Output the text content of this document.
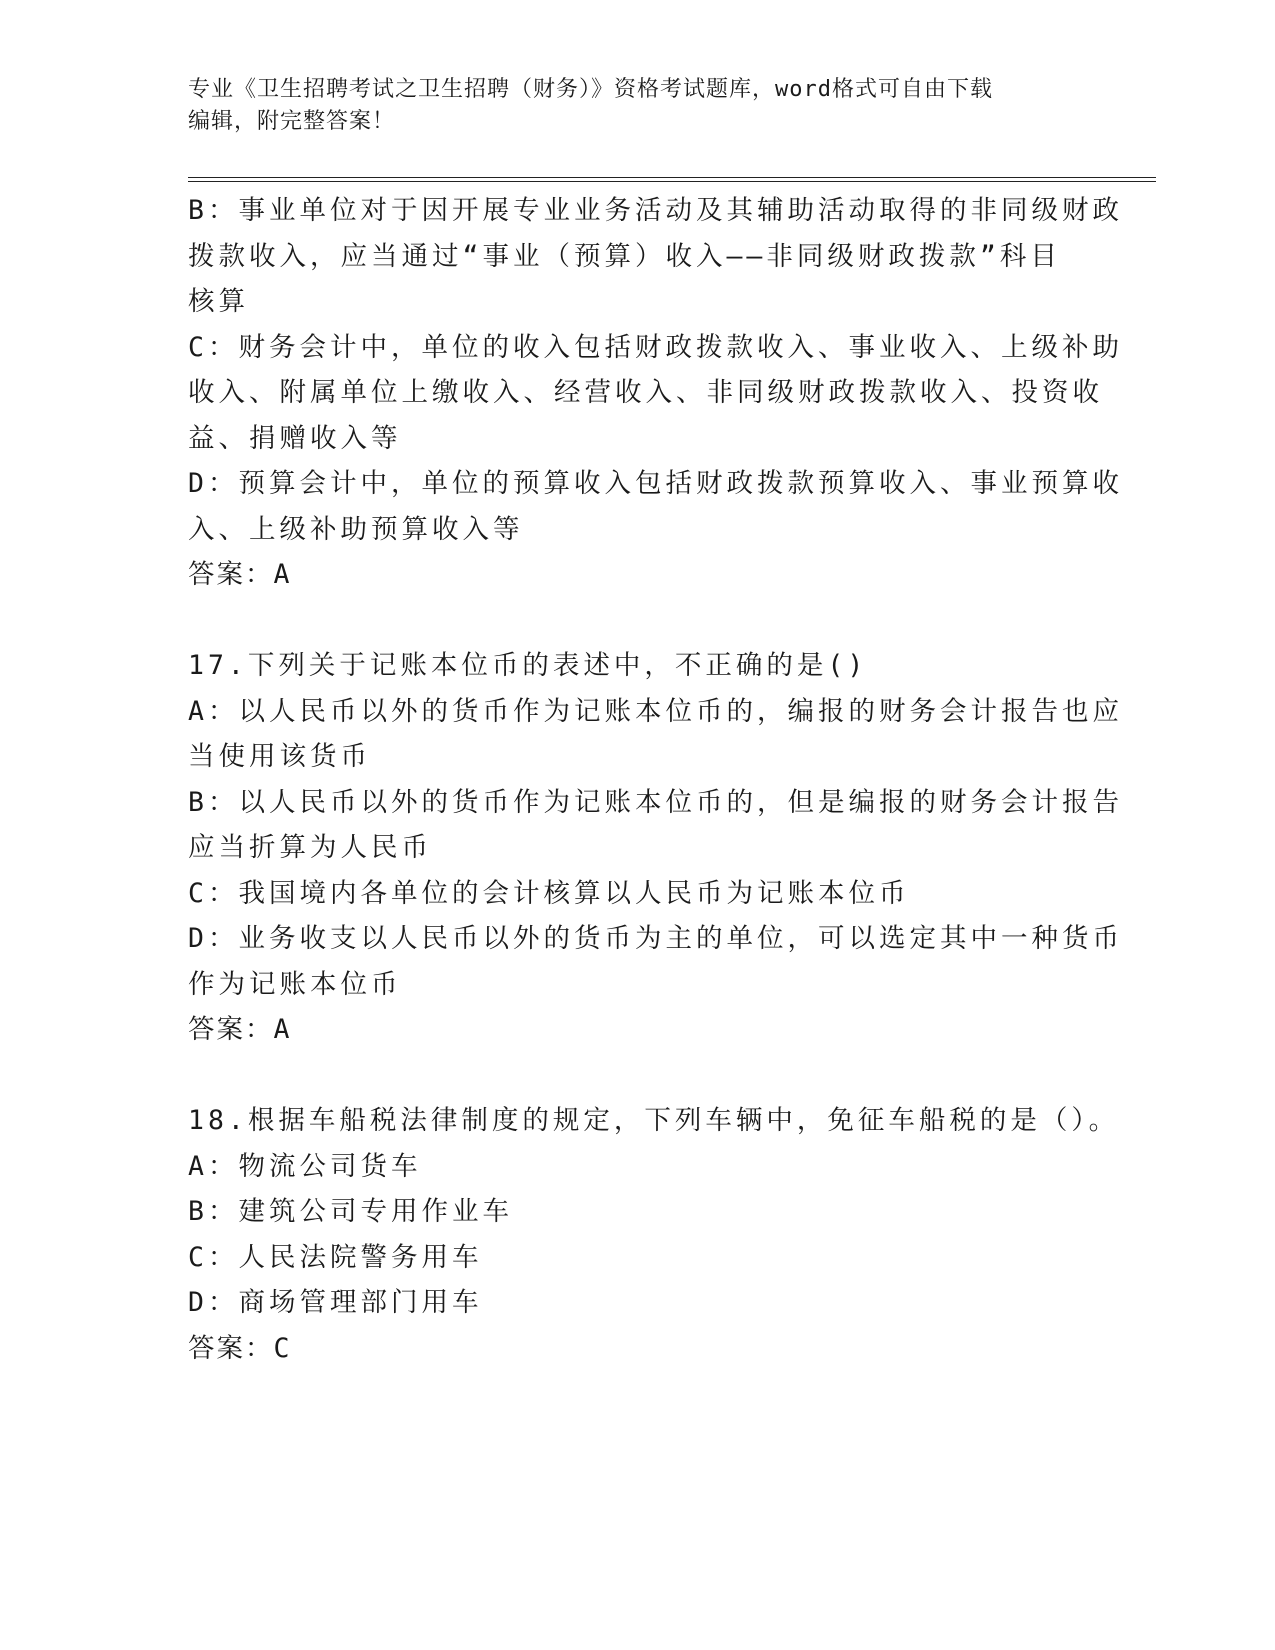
专业《卫生招聘考试之卫生招聘（财务）》资格考试题库，word格式可自由下载
编辑，附完整答案！
B：事业单位对于因开展专业业务活动及其辅助活动取得的非同级财政
拨款收入，应当通过“事业（预算）收入——非同级财政拨款”科目
核算
C：财务会计中，单位的收入包括财政拨款收入、事业收入、上级补助
收入、附属单位上缴收入、经营收入、非同级财政拨款收入、投资收
益、捐赠收入等
D：预算会计中，单位的预算收入包括财政拨款预算收入、事业预算收
入、上级补助预算收入等
答案：A
17.下列关于记账本位币的表述中，不正确的是()
A：以人民币以外的货币作为记账本位币的，编报的财务会计报告也应
当使用该货币
B：以人民币以外的货币作为记账本位币的，但是编报的财务会计报告
应当折算为人民币
C：我国境内各单位的会计核算以人民币为记账本位币
D：业务收支以人民币以外的货币为主的单位，可以选定其中一种货币
作为记账本位币
答案：A
18.根据车船税法律制度的规定，下列车辆中，免征车船税的是（）。
A：物流公司货车
B：建筑公司专用作业车
C：人民法院警务用车
D：商场管理部门用车
答案：C
